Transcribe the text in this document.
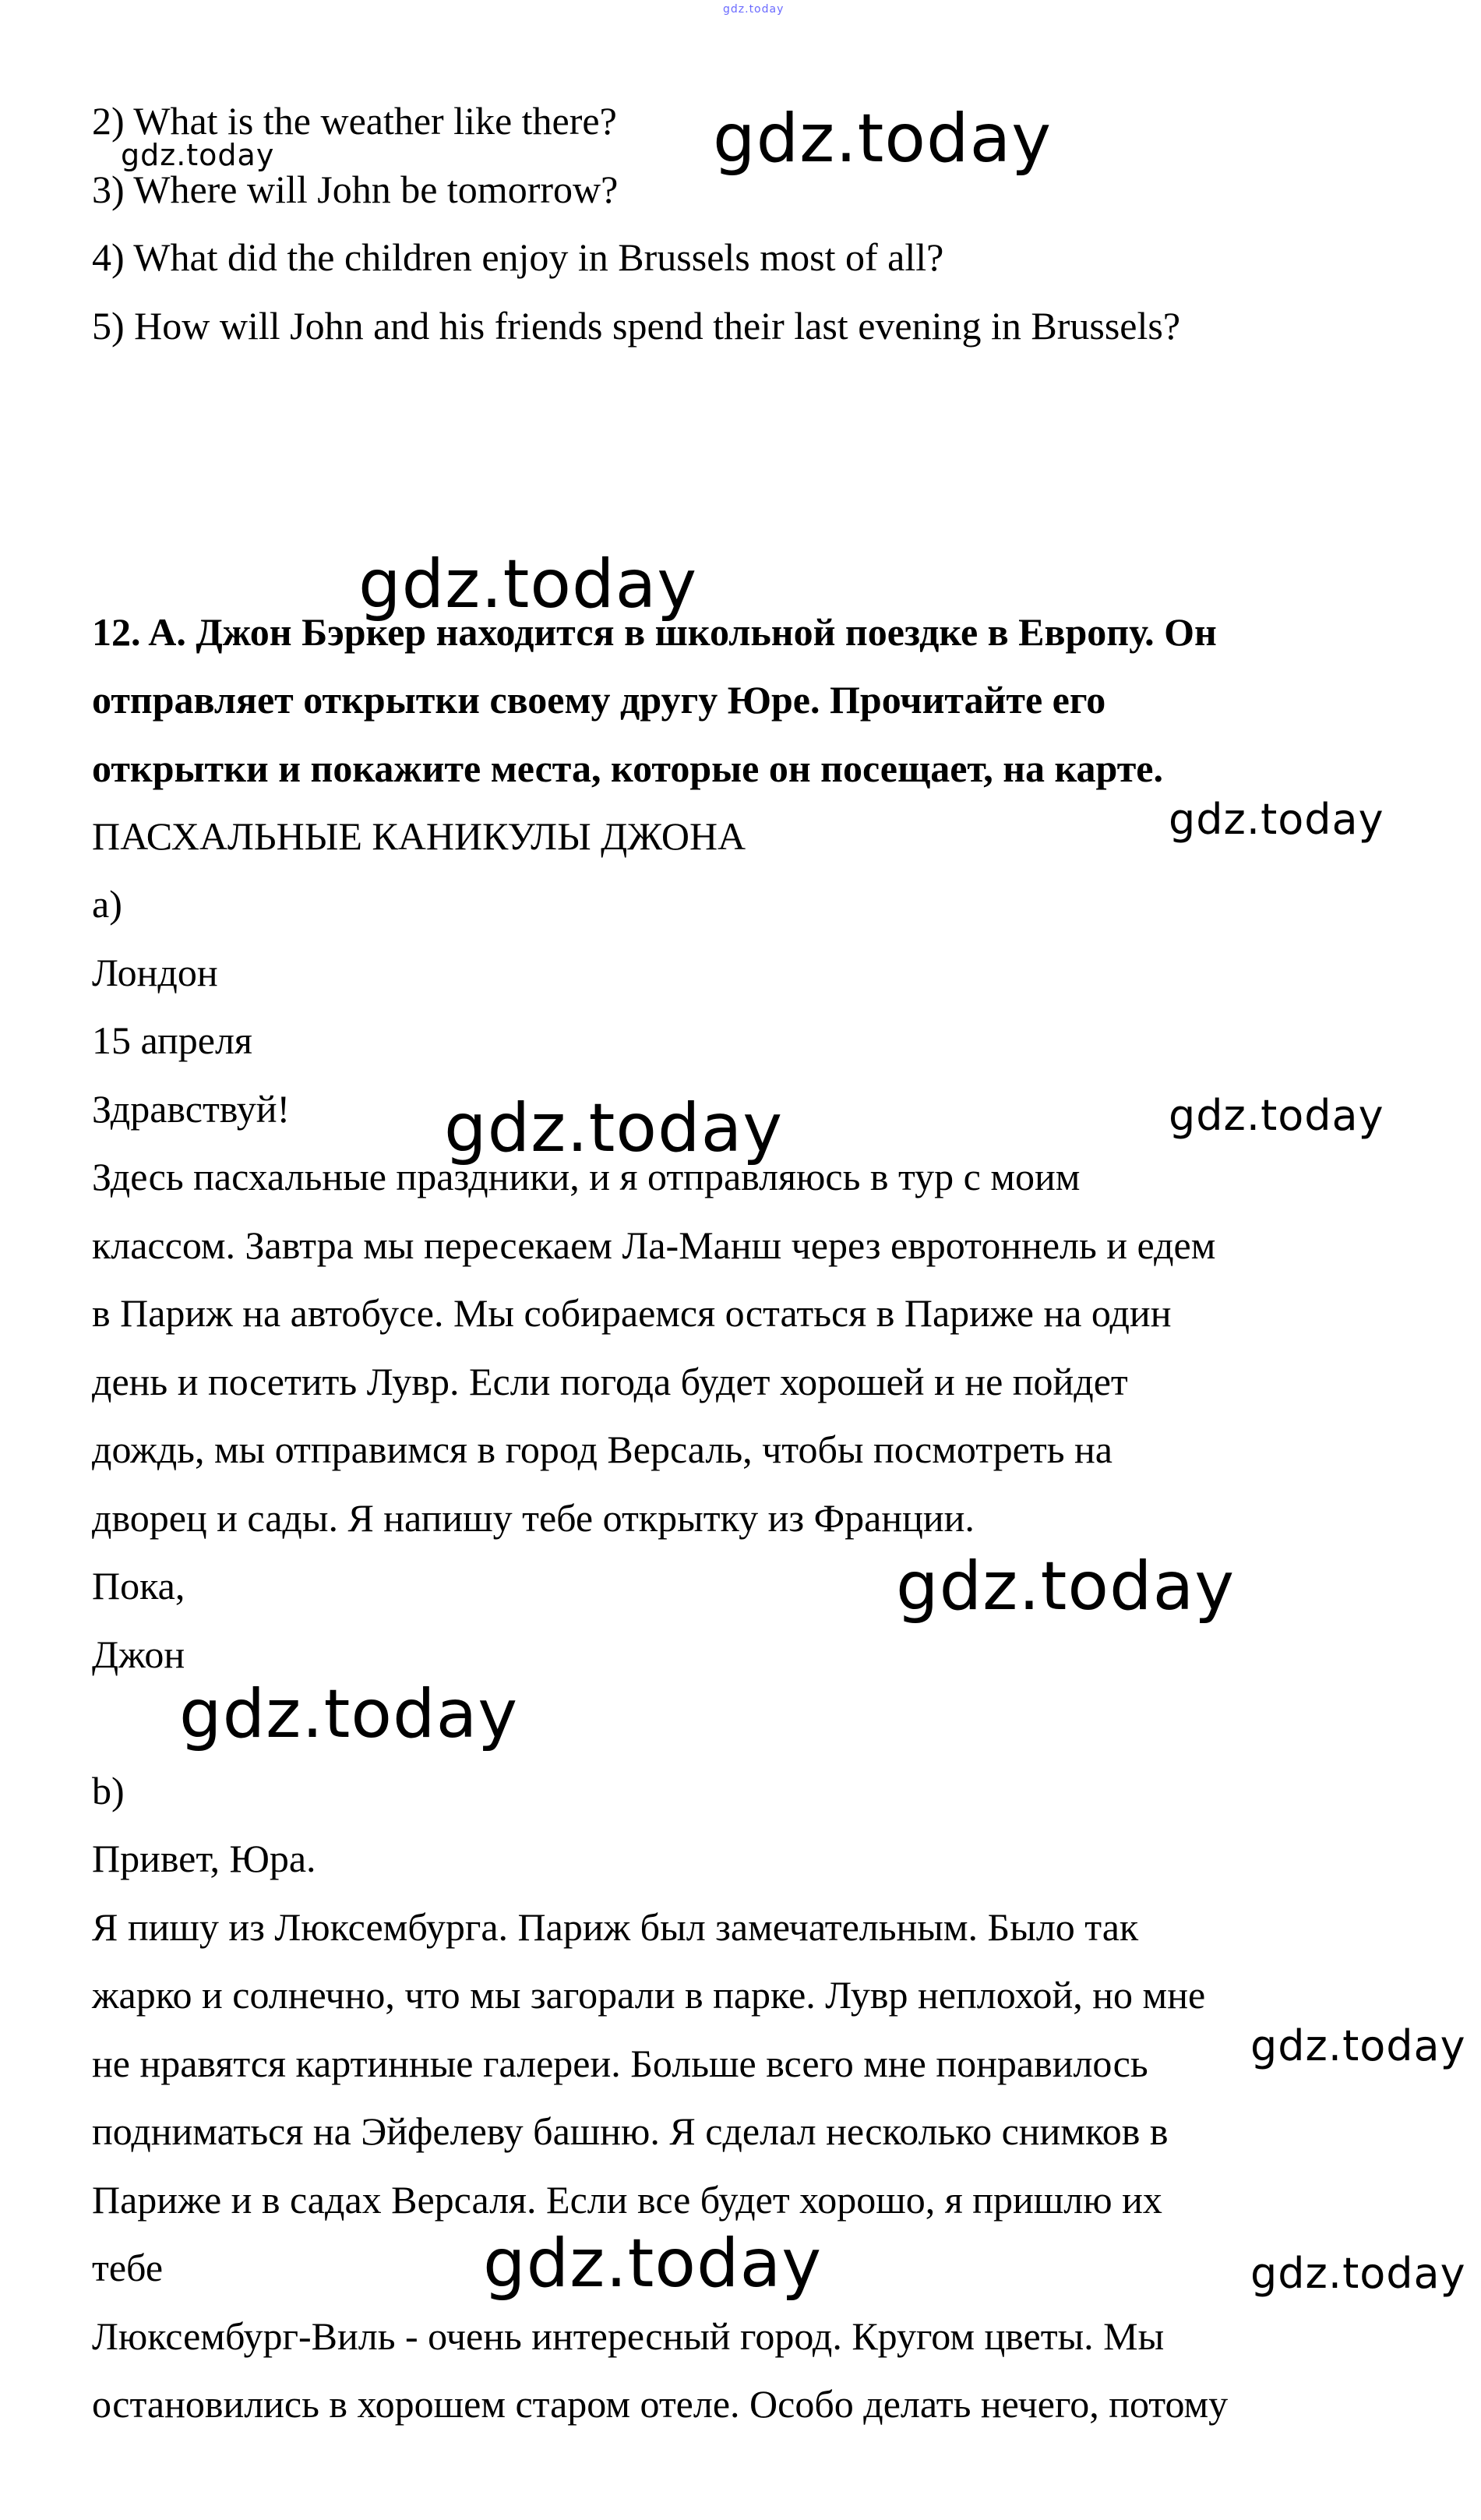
gdz.today

2) What is the weather like there?

3) Where will John be tomorrow?

4) What did the children enjoy in Brussels most of all?

5) How will John and his friends spend their last evening in Brussels?

12. A. Джон Бэркер находится в школьной поездке в Европу. Он

отправляет открытки своему другу Юре. Прочитайте его

открытки и покажите места, которые он посещает, на карте.

ПАСХАЛЬНЫЕ КАНИКУЛЫ ДЖОНА

a)

Лондон

15 апреля

Здравствуй!

Здесь пасхальные праздники, и я отправляюсь в тур с моим

классом. Завтра мы пересекаем Ла-Манш через евротоннель и едем

в Париж на автобусе. Мы собираемся остаться в Париже на один

день и посетить Лувр. Если погода будет хорошей и не пойдет

дождь, мы отправимся в город Версаль, чтобы посмотреть на

дворец и сады. Я напишу тебе открытку из Франции.

Пока,

Джон

b)

Привет, Юра.

Я пишу из Люксембурга. Париж был замечательным. Было так

жарко и солнечно, что мы загорали в парке. Лувр неплохой, но мне

не нравятся картинные галереи. Больше всего мне понравилось

подниматься на Эйфелеву башню. Я сделал несколько снимков в

Париже и в садах Версаля. Если все будет хорошо, я пришлю их

тебе

Люксембург-Виль - очень интересный город. Кругом цветы. Мы

остановились в хорошем старом отеле. Особо делать нечего, потому

gdz.today
gdz.today
gdz.today
gdz.today
gdz.today	gdz.today
gdz.today
gdz.today
gdz.today
gdz.today	gdz.today
